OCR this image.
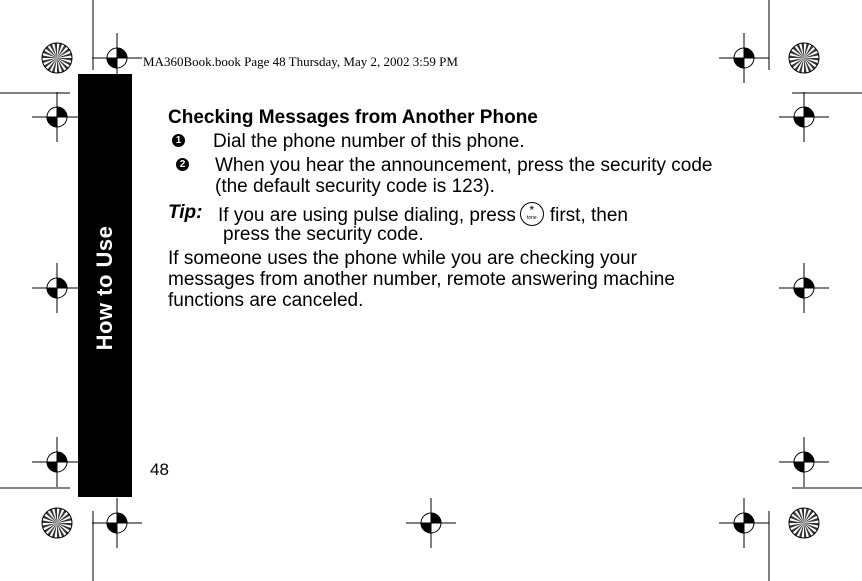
MA360Book.book Page 48 Thursday, May 2, 2002 3:59 PM
How to Use
Checking Messages from Another Phone
1 Dial the phone number of this phone.
2 When you hear the announcement, press the security code (the default security code is 123).
Tip: If you are using pulse dialing, press	*
tone first, then
press the security code.
If someone uses the phone while you are checking your messages from another number, remote answering machine functions are canceled.
48
